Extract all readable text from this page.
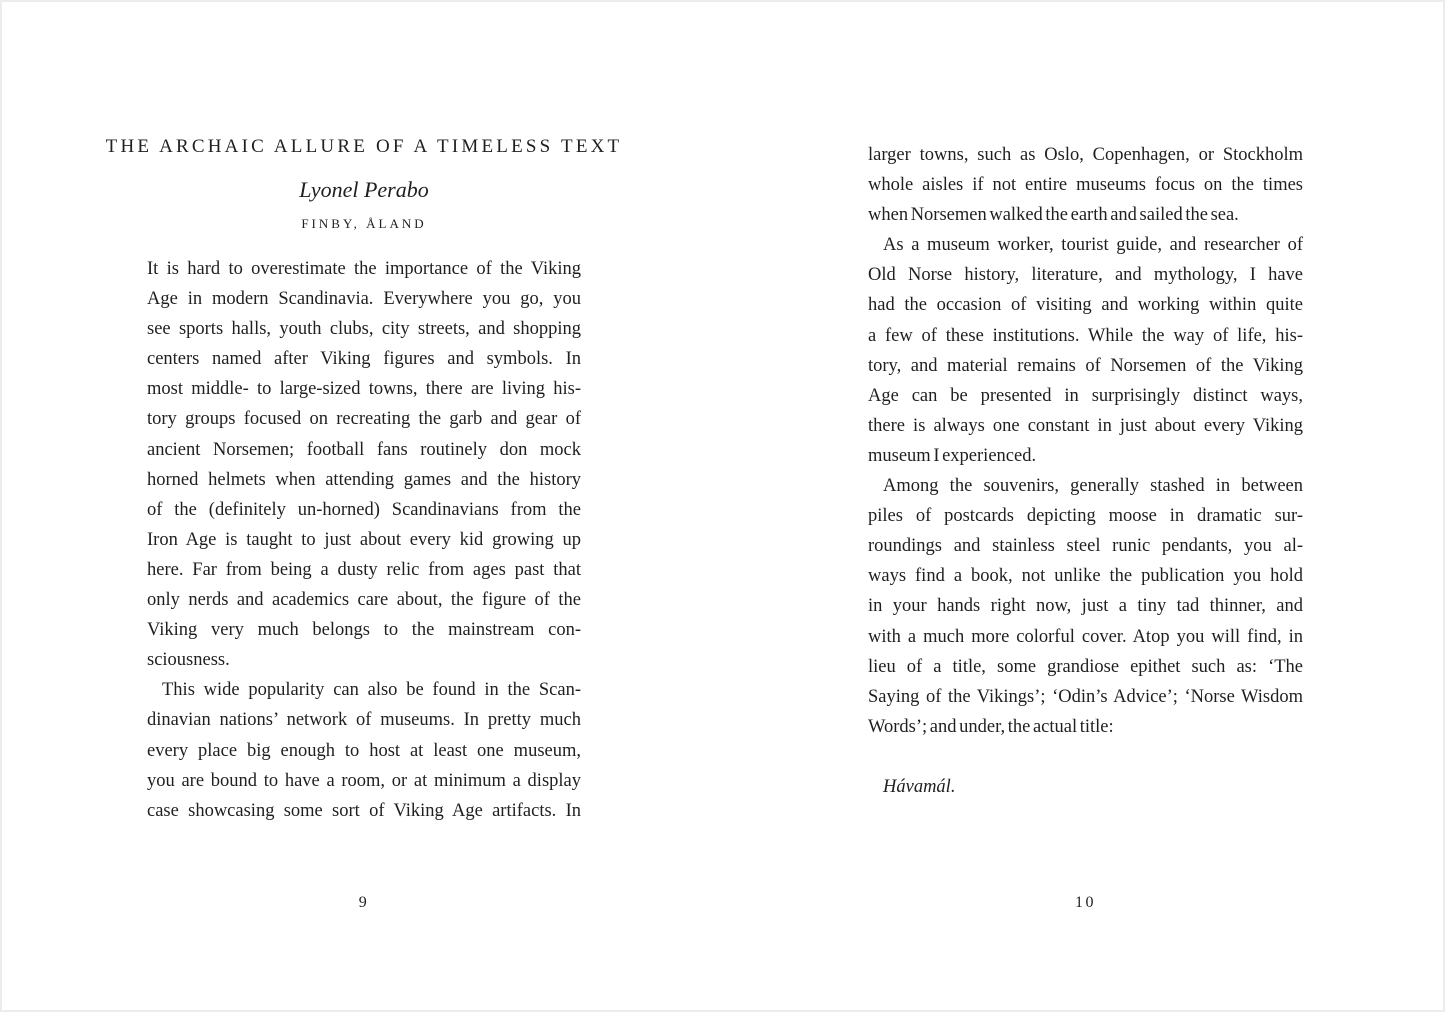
THE ARCHAIC ALLURE OF A TIMELESS TEXT
Lyonel Perabo
FINBY, ÅLAND
It is hard to overestimate the importance of the Viking
Age in modern Scandinavia. Everywhere you go, you
see sports halls, youth clubs, city streets, and shopping
centers named after Viking figures and symbols. In
most middle- to large-sized towns, there are living his-
tory groups focused on recreating the garb and gear of
ancient Norsemen; football fans routinely don mock
horned helmets when attending games and the history
of the (definitely un-horned) Scandinavians from the
Iron Age is taught to just about every kid growing up
here. Far from being a dusty relic from ages past that
only nerds and academics care about, the figure of the
Viking very much belongs to the mainstream con-
sciousness.
This wide popularity can also be found in the Scan-
dinavian nations’ network of museums. In pretty much
every place big enough to host at least one museum,
you are bound to have a room, or at minimum a display
case showcasing some sort of Viking Age artifacts. In
9
larger towns, such as Oslo, Copenhagen, or Stockholm
whole aisles if not entire museums focus on the times
when Norsemen walked the earth and sailed the sea.
As a museum worker, tourist guide, and researcher of
Old Norse history, literature, and mythology, I have
had the occasion of visiting and working within quite
a few of these institutions. While the way of life, his-
tory, and material remains of Norsemen of the Viking
Age can be presented in surprisingly distinct ways,
there is always one constant in just about every Viking
museum I experienced.
Among the souvenirs, generally stashed in between
piles of postcards depicting moose in dramatic sur-
roundings and stainless steel runic pendants, you al-
ways find a book, not unlike the publication you hold
in your hands right now, just a tiny tad thinner, and
with a much more colorful cover. Atop you will find, in
lieu of a title, some grandiose epithet such as: ‘The
Saying of the Vikings’; ‘Odin’s Advice’; ‘Norse Wisdom
Words’; and under, the actual title:
Hávamál.
10
